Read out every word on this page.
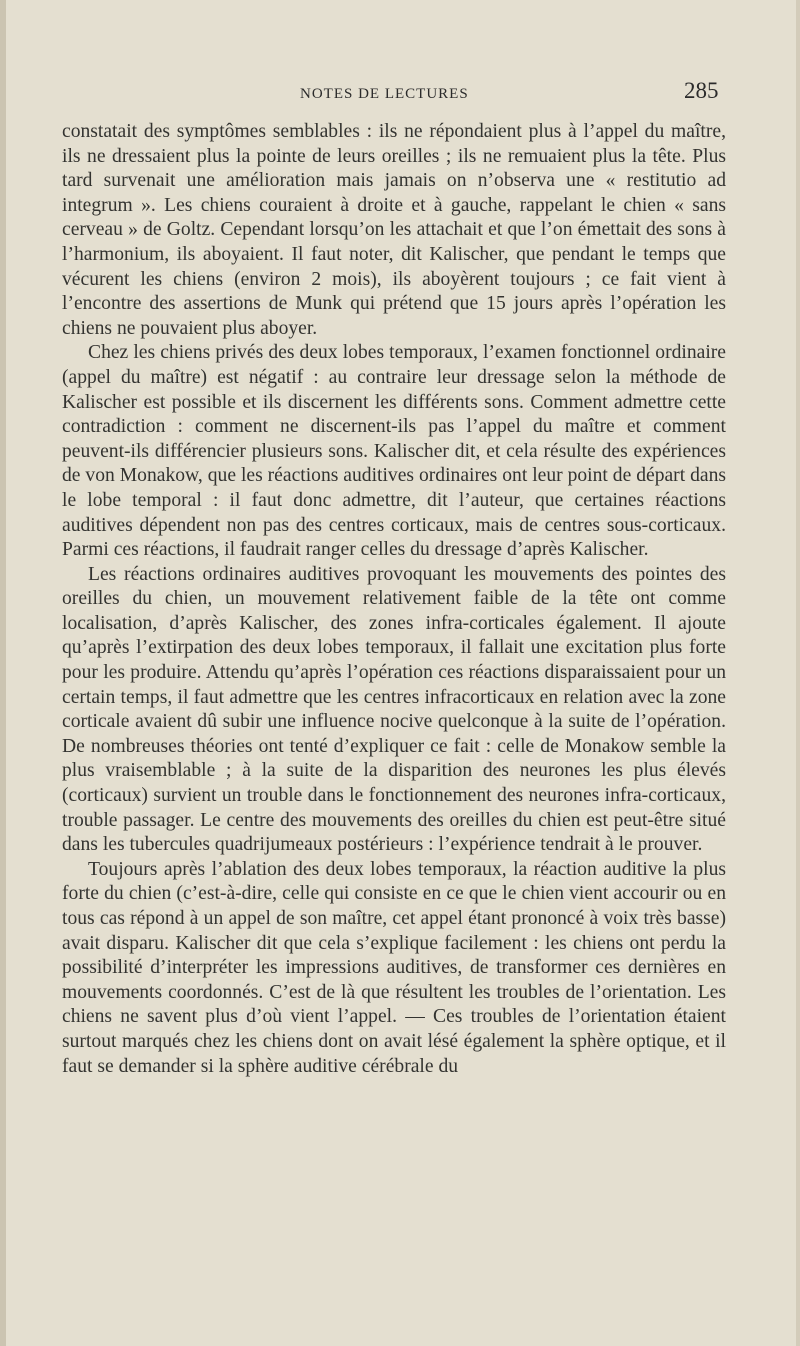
NOTES DE LECTURES	285

constatait des symptômes semblables : ils ne répondaient plus à l’appel du maître, ils ne dressaient plus la pointe de leurs oreilles ; ils ne remuaient plus la tête. Plus tard survenait une amélioration mais jamais on n’observa une « restitutio ad integrum ». Les chiens couraient à droite et à gauche, rappelant le chien « sans cerveau » de Goltz. Cependant lorsqu’on les attachait et que l’on émettait des sons à l’harmonium, ils aboyaient. Il faut noter, dit Kalischer, que pendant le temps que vécurent les chiens (environ 2 mois), ils aboyèrent toujours ; ce fait vient à l’encontre des assertions de Munk qui prétend que 15 jours après l’opération les chiens ne pouvaient plus aboyer.

Chez les chiens privés des deux lobes temporaux, l’examen fonctionnel ordinaire (appel du maître) est négatif : au contraire leur dressage selon la méthode de Kalischer est possible et ils discernent les différents sons. Comment admettre cette contradiction : comment ne discernent-ils pas l’appel du maître et comment peuvent-ils différencier plusieurs sons. Kalischer dit, et cela résulte des expériences de von Monakow, que les réactions auditives ordinaires ont leur point de départ dans le lobe temporal : il faut donc admettre, dit l’auteur, que certaines réactions auditives dépendent non pas des centres corticaux, mais de centres sous-corticaux. Parmi ces réactions, il faudrait ranger celles du dressage d’après Kalischer.

Les réactions ordinaires auditives provoquant les mouvements des pointes des oreilles du chien, un mouvement relativement faible de la tête ont comme localisation, d’après Kalischer, des zones infra-corticales également. Il ajoute qu’après l’extirpation des deux lobes temporaux, il fallait une excitation plus forte pour les produire. Attendu qu’après l’opération ces réactions disparaissaient pour un certain temps, il faut admettre que les centres infracorticaux en relation avec la zone corticale avaient dû subir une influence nocive quelconque à la suite de l’opération. De nombreuses théories ont tenté d’expliquer ce fait : celle de Monakow semble la plus vraisemblable ; à la suite de la disparition des neurones les plus élevés (corticaux) survient un trouble dans le fonctionnement des neurones infra-corticaux, trouble passager. Le centre des mouvements des oreilles du chien est peut-être situé dans les tubercules quadrijumeaux postérieurs : l’expérience tendrait à le prouver.

Toujours après l’ablation des deux lobes temporaux, la réaction auditive la plus forte du chien (c’est-à-dire, celle qui consiste en ce que le chien vient accourir ou en tous cas répond à un appel de son maître, cet appel étant prononcé à voix très basse) avait disparu. Kalischer dit que cela s’explique facilement : les chiens ont perdu la possibilité d’interpréter les impressions auditives, de transformer ces dernières en mouvements coordonnés. C’est de là que résultent les troubles de l’orientation. Les chiens ne savent plus d’où vient l’appel. — Ces troubles de l’orientation étaient surtout marqués chez les chiens dont on avait lésé également la sphère optique, et il faut se demander si la sphère auditive cérébrale du
